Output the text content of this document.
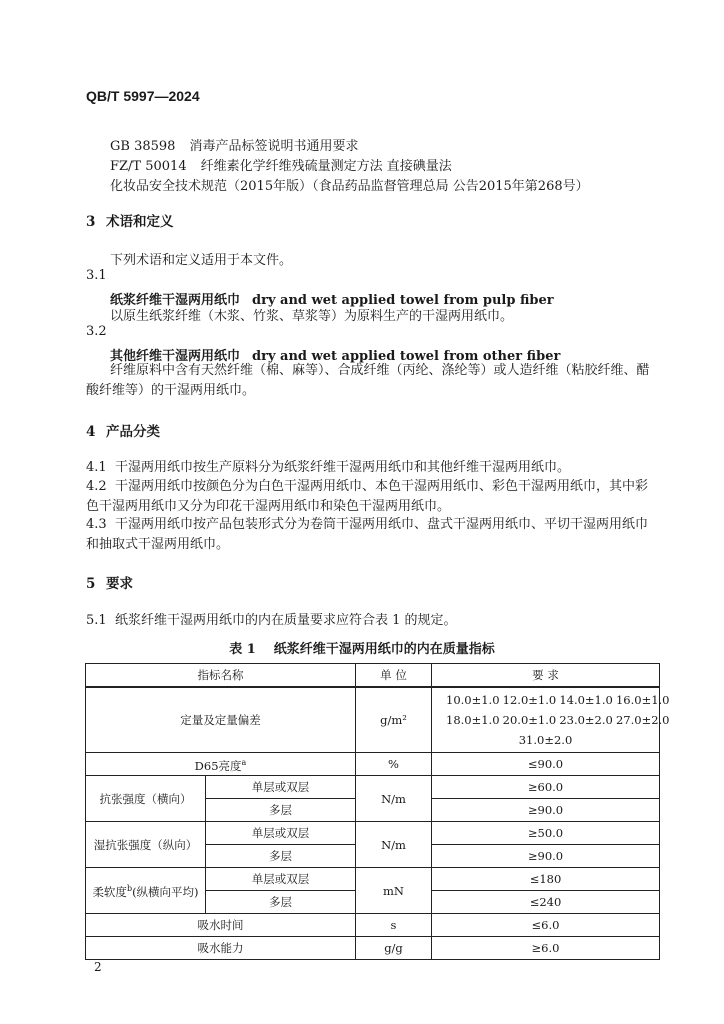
QB/T 5997—2024
GB 38598 消毒产品标签说明书通用要求
FZ/T 50014 纤维素化学纤维残硫量测定方法 直接碘量法
化妆品安全技术规范（2015年版）（食品药品监督管理总局 公告2015年第268号）
3 术语和定义
下列术语和定义适用于本文件。
3.1
纸浆纤维干湿两用纸巾 dry and wet applied towel from pulp fiber
以原生纸浆纤维（木浆、竹浆、草浆等）为原料生产的干湿两用纸巾。
3.2
其他纤维干湿两用纸巾 dry and wet applied towel from other fiber
纤维原料中含有天然纤维（棉、麻等）、合成纤维（丙纶、涤纶等）或人造纤维（粘胶纤维、醋酸纤维等）的干湿两用纸巾。
4 产品分类
4.1 干湿两用纸巾按生产原料分为纸浆纤维干湿两用纸巾和其他纤维干湿两用纸巾。
4.2 干湿两用纸巾按颜色分为白色干湿两用纸巾、本色干湿两用纸巾、彩色干湿两用纸巾，其中彩色干湿两用纸巾又分为印花干湿两用纸巾和染色干湿两用纸巾。
4.3 干湿两用纸巾按产品包装形式分为卷筒干湿两用纸巾、盘式干湿两用纸巾、平切干湿两用纸巾和抽取式干湿两用纸巾。
5 要求
5.1 纸浆纤维干湿两用纸巾的内在质量要求应符合表 1 的规定。
表 1 纸浆纤维干湿两用纸巾的内在质量指标
指标名称		单 位	要 求
定量及定量偏差		g/m²	10.0±1.0 12.0±1.0 14.0±1.0 16.0±1.0
18.0±1.0 20.0±1.0 23.0±2.0 27.0±2.0
31.0±2.0

D65亮度$^a$		%	≤90.0
抗张强度（横向）	单层或双层	N/m	≥60.0
	多层		≥90.0
湿抗张强度（纵向）	单层或双层	N/m	≥50.0
	多层		≥90.0
柔软度$^b$(纵横向平均)	单层或双层	mN	≤180
	多层		≤240
吸水时间		s	≤6.0
吸水能力		g/g	≥6.0
2
